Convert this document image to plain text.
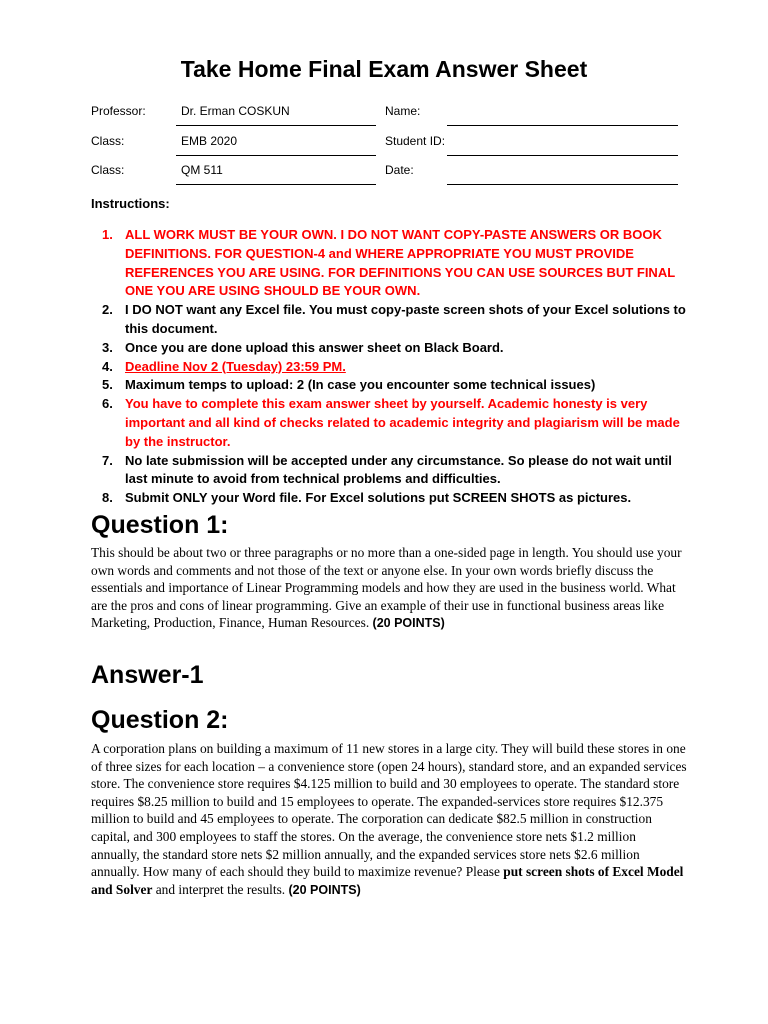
Take Home Final Exam Answer Sheet
Professor:	Dr. Erman COSKUN	Name:
Class:	EMB 2020	Student ID:
Class:	QM 511	Date:
Instructions:
1. ALL WORK MUST BE YOUR OWN. I DO NOT WANT COPY-PASTE ANSWERS OR BOOK DEFINITIONS. FOR QUESTION-4 and WHERE APPROPRIATE YOU MUST PROVIDE REFERENCES YOU ARE USING. FOR DEFINITIONS YOU CAN USE SOURCES BUT FINAL ONE YOU ARE USING SHOULD BE YOUR OWN.
2. I DO NOT want any Excel file. You must copy-paste screen shots of your Excel solutions to this document.
3. Once you are done upload this answer sheet on Black Board.
4. Deadline Nov 2 (Tuesday) 23:59 PM.
5. Maximum temps to upload: 2 (In case you encounter some technical issues)
6. You have to complete this exam answer sheet by yourself. Academic honesty is very important and all kind of checks related to academic integrity and plagiarism will be made by the instructor.
7. No late submission will be accepted under any circumstance. So please do not wait until last minute to avoid from technical problems and difficulties.
8. Submit ONLY your Word file. For Excel solutions put SCREEN SHOTS as pictures.
Question 1:
This should be about two or three paragraphs or no more than a one-sided page in length. You should use your own words and comments and not those of the text or anyone else. In your own words briefly discuss the essentials and importance of Linear Programming models and how they are used in the business world. What are the pros and cons of linear programming. Give an example of their use in functional business areas like Marketing, Production, Finance, Human Resources. (20 POINTS)
Answer-1
Question 2:
A corporation plans on building a maximum of 11 new stores in a large city. They will build these stores in one of three sizes for each location – a convenience store (open 24 hours), standard store, and an expanded services store. The convenience store requires $4.125 million to build and 30 employees to operate. The standard store requires $8.25 million to build and 15 employees to operate. The expanded-services store requires $12.375 million to build and 45 employees to operate. The corporation can dedicate $82.5 million in construction capital, and 300 employees to staff the stores. On the average, the convenience store nets $1.2 million annually, the standard store nets $2 million annually, and the expanded services store nets $2.6 million annually. How many of each should they build to maximize revenue? Please put screen shots of Excel Model and Solver and interpret the results. (20 POINTS)
